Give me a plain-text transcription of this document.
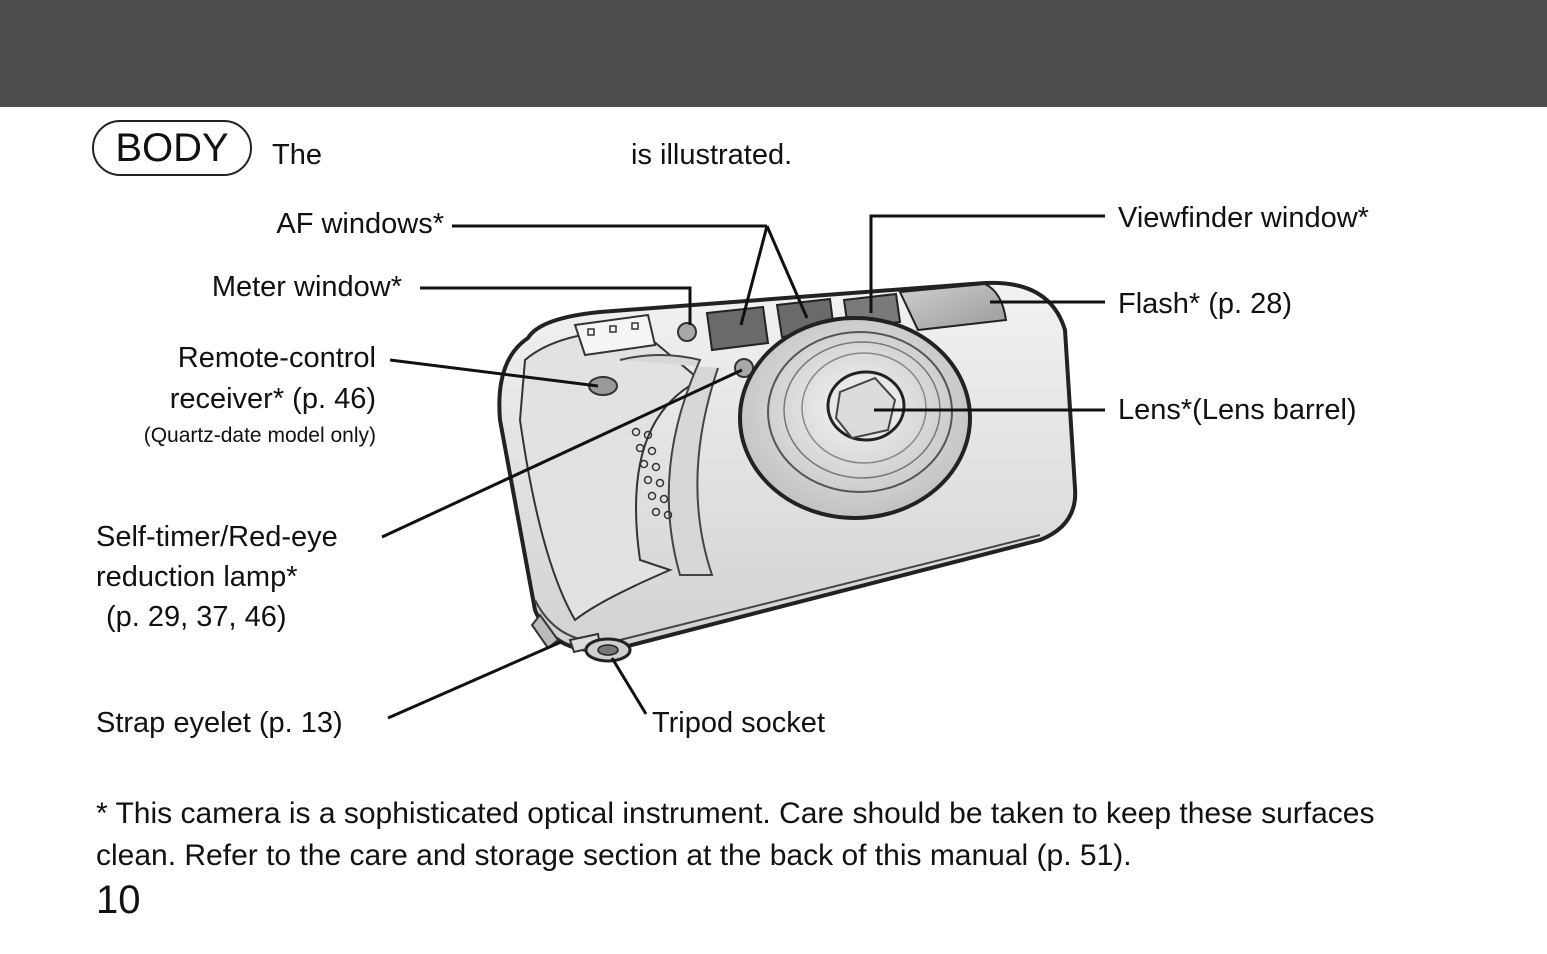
BODY	The	is illustrated.
AF windows*
Meter window*
Remote-control
receiver* (p. 46)
(Quartz-date model only)
Self-timer/Red-eye
reduction lamp*
(p. 29, 37, 46)
Strap eyelet (p. 13)	Tripod socket
Viewfinder window*
Flash* (p. 28)
Lens*(Lens barrel)
* This camera is a sophisticated optical instrument. Care should be taken to keep these surfaces clean. Refer to the care and storage section at the back of this manual (p. 51).
10
